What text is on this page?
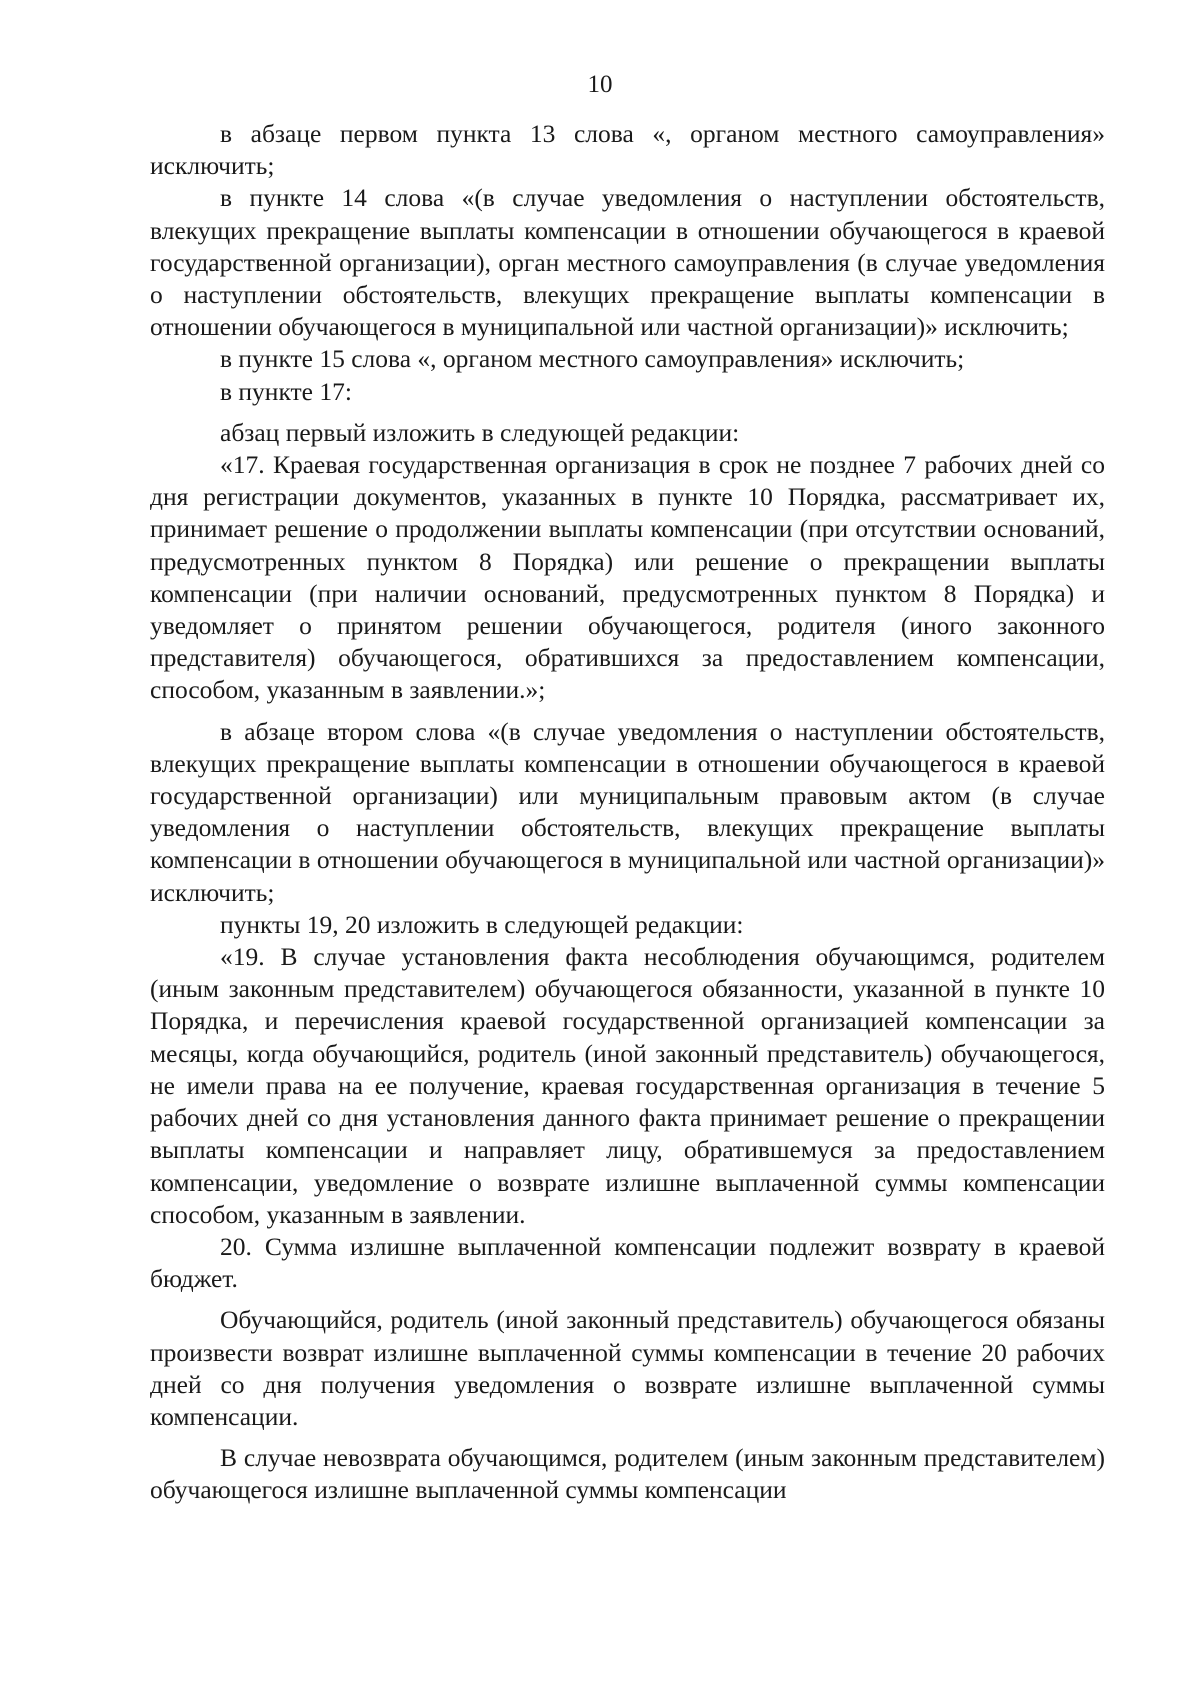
10

в абзаце первом пункта 13 слова «, органом местного самоуправления» исключить;

в пункте 14 слова «(в случае уведомления о наступлении обстоятельств, влекущих прекращение выплаты компенсации в отношении обучающегося в краевой государственной организации), орган местного самоуправления (в случае уведомления о наступлении обстоятельств, влекущих прекращение выплаты компенсации в отношении обучающегося в муниципальной или частной организации)» исключить;

в пункте 15 слова «, органом местного самоуправления» исключить;

в пункте 17:

абзац первый изложить в следующей редакции:

«17. Краевая государственная организация в срок не позднее 7 рабочих дней со дня регистрации документов, указанных в пункте 10 Порядка, рассматривает их, принимает решение о продолжении выплаты компенсации (при отсутствии оснований, предусмотренных пунктом 8 Порядка) или решение о прекращении выплаты компенсации (при наличии оснований, предусмотренных пунктом 8 Порядка) и уведомляет о принятом решении обучающегося, родителя (иного законного представителя) обучающегося, обратившихся за предоставлением компенсации, способом, указанным в заявлении.»;

в абзаце втором слова «(в случае уведомления о наступлении обстоятельств, влекущих прекращение выплаты компенсации в отношении обучающегося в краевой государственной организации) или муниципальным правовым актом (в случае уведомления о наступлении обстоятельств, влекущих прекращение выплаты компенсации в отношении обучающегося в муниципальной или частной организации)» исключить;

пункты 19, 20 изложить в следующей редакции:

«19. В случае установления факта несоблюдения обучающимся, родителем (иным законным представителем) обучающегося обязанности, указанной в пункте 10 Порядка, и перечисления краевой государственной организацией компенсации за месяцы, когда обучающийся, родитель (иной законный представитель) обучающегося, не имели права на ее получение, краевая государственная организация в течение 5 рабочих дней со дня установления данного факта принимает решение о прекращении выплаты компенсации и направляет лицу, обратившемуся за предоставлением компенсации, уведомление о возврате излишне выплаченной суммы компенсации способом, указанным в заявлении.

20. Сумма излишне выплаченной компенсации подлежит возврату в краевой бюджет.

Обучающийся, родитель (иной законный представитель) обучающегося обязаны произвести возврат излишне выплаченной суммы компенсации в течение 20 рабочих дней со дня получения уведомления о возврате излишне выплаченной суммы компенсации.

В случае невозврата обучающимся, родителем (иным законным представителем) обучающегося излишне выплаченной суммы компенсации
